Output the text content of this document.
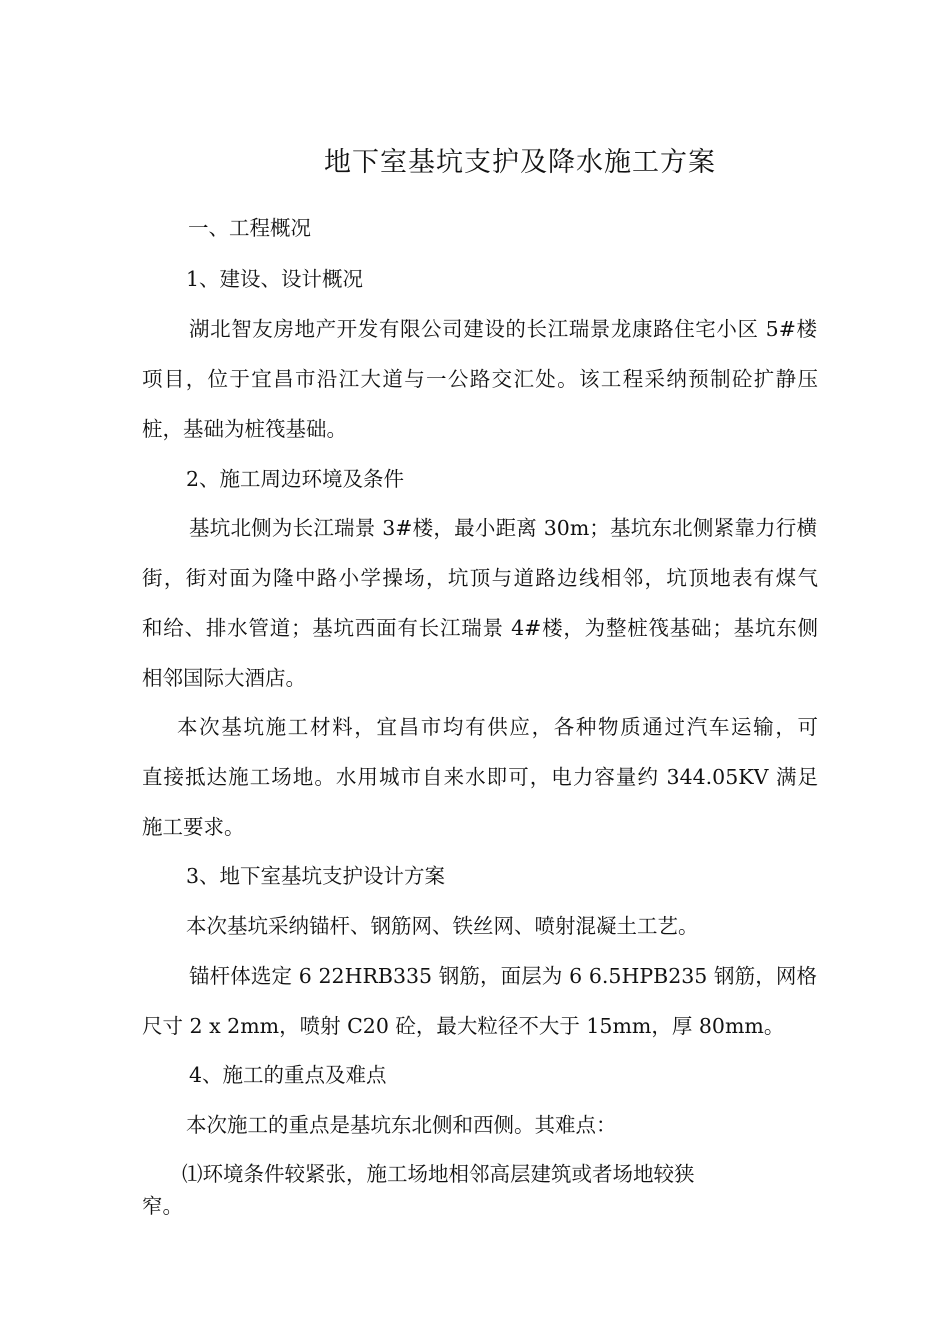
地下室基坑支护及降水施工方案
一、工程概况
1、建设、设计概况
湖北智友房地产开发有限公司建设的长江瑞景龙康路住宅小区 5#楼
项目，位于宜昌市沿江大道与一公路交汇处。该工程采纳预制砼扩静压
桩，基础为桩筏基础。
2、施工周边环境及条件
基坑北侧为长江瑞景 3#楼，最小距离 30m；基坑东北侧紧靠力行横
街，街对面为隆中路小学操场，坑顶与道路边线相邻，坑顶地表有煤气
和给、排水管道；基坑西面有长江瑞景 4#楼，为整桩筏基础；基坑东侧
相邻国际大酒店。
本次基坑施工材料，宜昌市均有供应，各种物质通过汽车运输，可
直接抵达施工场地。水用城市自来水即可，电力容量约 344.05KV 满足
施工要求。
3、地下室基坑支护设计方案
本次基坑采纳锚杆、钢筋网、铁丝网、喷射混凝土工艺。
锚杆体选定 6 22HRB335 钢筋，面层为 6 6.5HPB235 钢筋，网格
尺寸 2 x 2mm，喷射 C20 砼，最大粒径不大于 15mm，厚 80mm。
4、施工的重点及难点
本次施工的重点是基坑东北侧和西侧。其难点：
⑴环境条件较紧张，施工场地相邻高层建筑或者场地较狭
窄。
